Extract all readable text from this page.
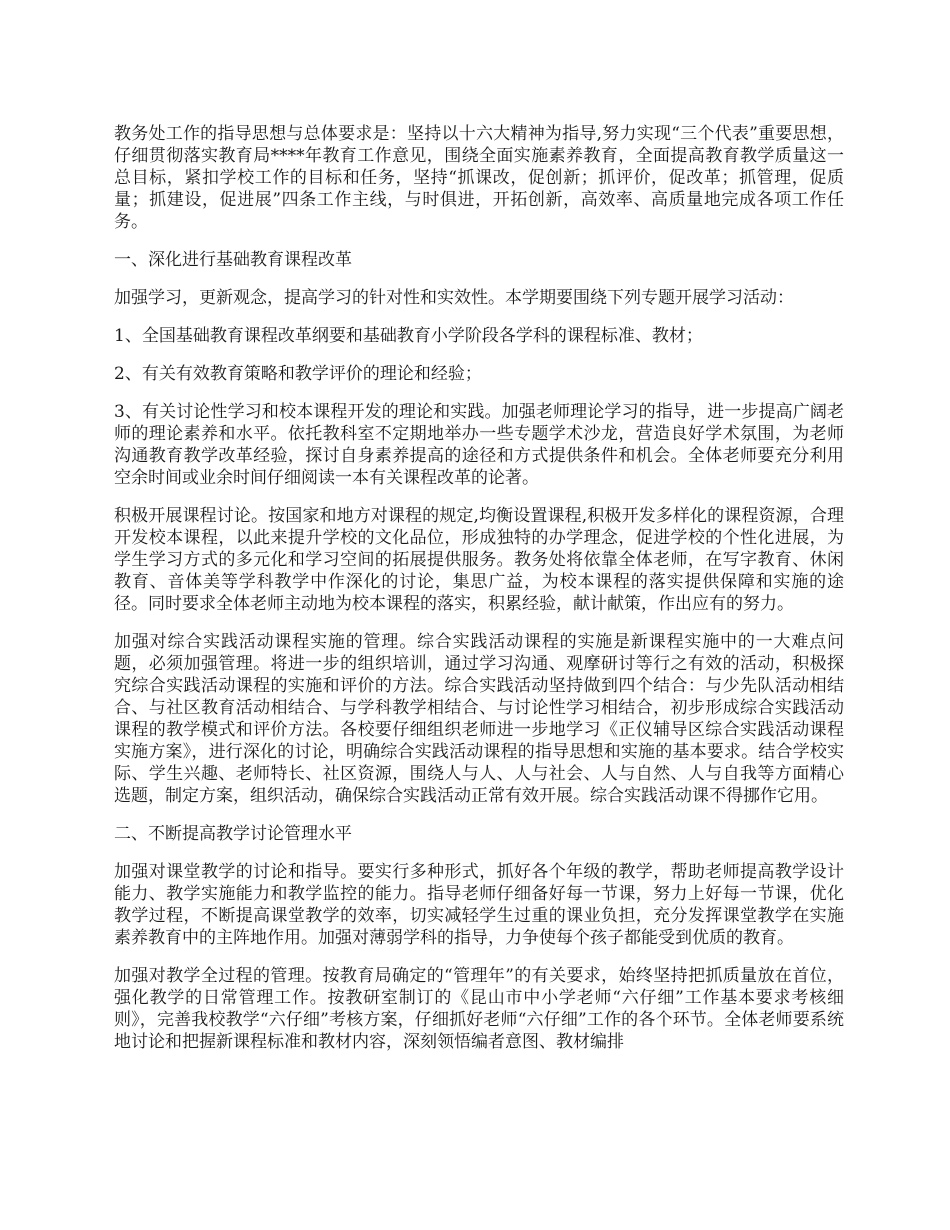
教务处工作的指导思想与总体要求是：坚持以十六大精神为指导,努力实现“三个代表”重要思想，仔细贯彻落实教育局****年教育工作意见，围绕全面实施素养教育，全面提高教育教学质量这一总目标，紧扣学校工作的目标和任务，坚持“抓课改，促创新；抓评价，促改革；抓管理，促质量；抓建设，促进展”四条工作主线，与时俱进，开拓创新，高效率、高质量地完成各项工作任务。

一、深化进行基础教育课程改革

加强学习，更新观念，提高学习的针对性和实效性。本学期要围绕下列专题开展学习活动：

1、全国基础教育课程改革纲要和基础教育小学阶段各学科的课程标准、教材；

2、有关有效教育策略和教学评价的理论和经验；

3、有关讨论性学习和校本课程开发的理论和实践。加强老师理论学习的指导，进一步提高广阔老师的理论素养和水平。依托教科室不定期地举办一些专题学术沙龙，营造良好学术氛围，为老师沟通教育教学改革经验，探讨自身素养提高的途径和方式提供条件和机会。全体老师要充分利用空余时间或业余时间仔细阅读一本有关课程改革的论著。

积极开展课程讨论。按国家和地方对课程的规定,均衡设置课程,积极开发多样化的课程资源，合理开发校本课程，以此来提升学校的文化品位，形成独特的办学理念，促进学校的个性化进展，为学生学习方式的多元化和学习空间的拓展提供服务。教务处将依靠全体老师，在写字教育、休闲教育、音体美等学科教学中作深化的讨论，集思广益，为校本课程的落实提供保障和实施的途径。同时要求全体老师主动地为校本课程的落实，积累经验，献计献策，作出应有的努力。

加强对综合实践活动课程实施的管理。综合实践活动课程的实施是新课程实施中的一大难点问题，必须加强管理。将进一步的组织培训，通过学习沟通、观摩研讨等行之有效的活动，积极探究综合实践活动课程的实施和评价的方法。综合实践活动坚持做到四个结合：与少先队活动相结合、与社区教育活动相结合、与学科教学相结合、与讨论性学习相结合，初步形成综合实践活动课程的教学模式和评价方法。各校要仔细组织老师进一步地学习《正仪辅导区综合实践活动课程实施方案》，进行深化的讨论，明确综合实践活动课程的指导思想和实施的基本要求。结合学校实际、学生兴趣、老师特长、社区资源，围绕人与人、人与社会、人与自然、人与自我等方面精心选题，制定方案，组织活动，确保综合实践活动正常有效开展。综合实践活动课不得挪作它用。

二、不断提高教学讨论管理水平

加强对课堂教学的讨论和指导。要实行多种形式，抓好各个年级的教学，帮助老师提高教学设计能力、教学实施能力和教学监控的能力。指导老师仔细备好每一节课，努力上好每一节课，优化教学过程，不断提高课堂教学的效率，切实减轻学生过重的课业负担，充分发挥课堂教学在实施素养教育中的主阵地作用。加强对薄弱学科的指导，力争使每个孩子都能受到优质的教育。

加强对教学全过程的管理。按教育局确定的“管理年”的有关要求，始终坚持把抓质量放在首位，强化教学的日常管理工作。按教研室制订的《昆山市中小学老师“六仔细”工作基本要求考核细则》，完善我校教学“六仔细”考核方案，仔细抓好老师“六仔细”工作的各个环节。全体老师要系统地讨论和把握新课程标准和教材内容，深刻领悟编者意图、教材编排
